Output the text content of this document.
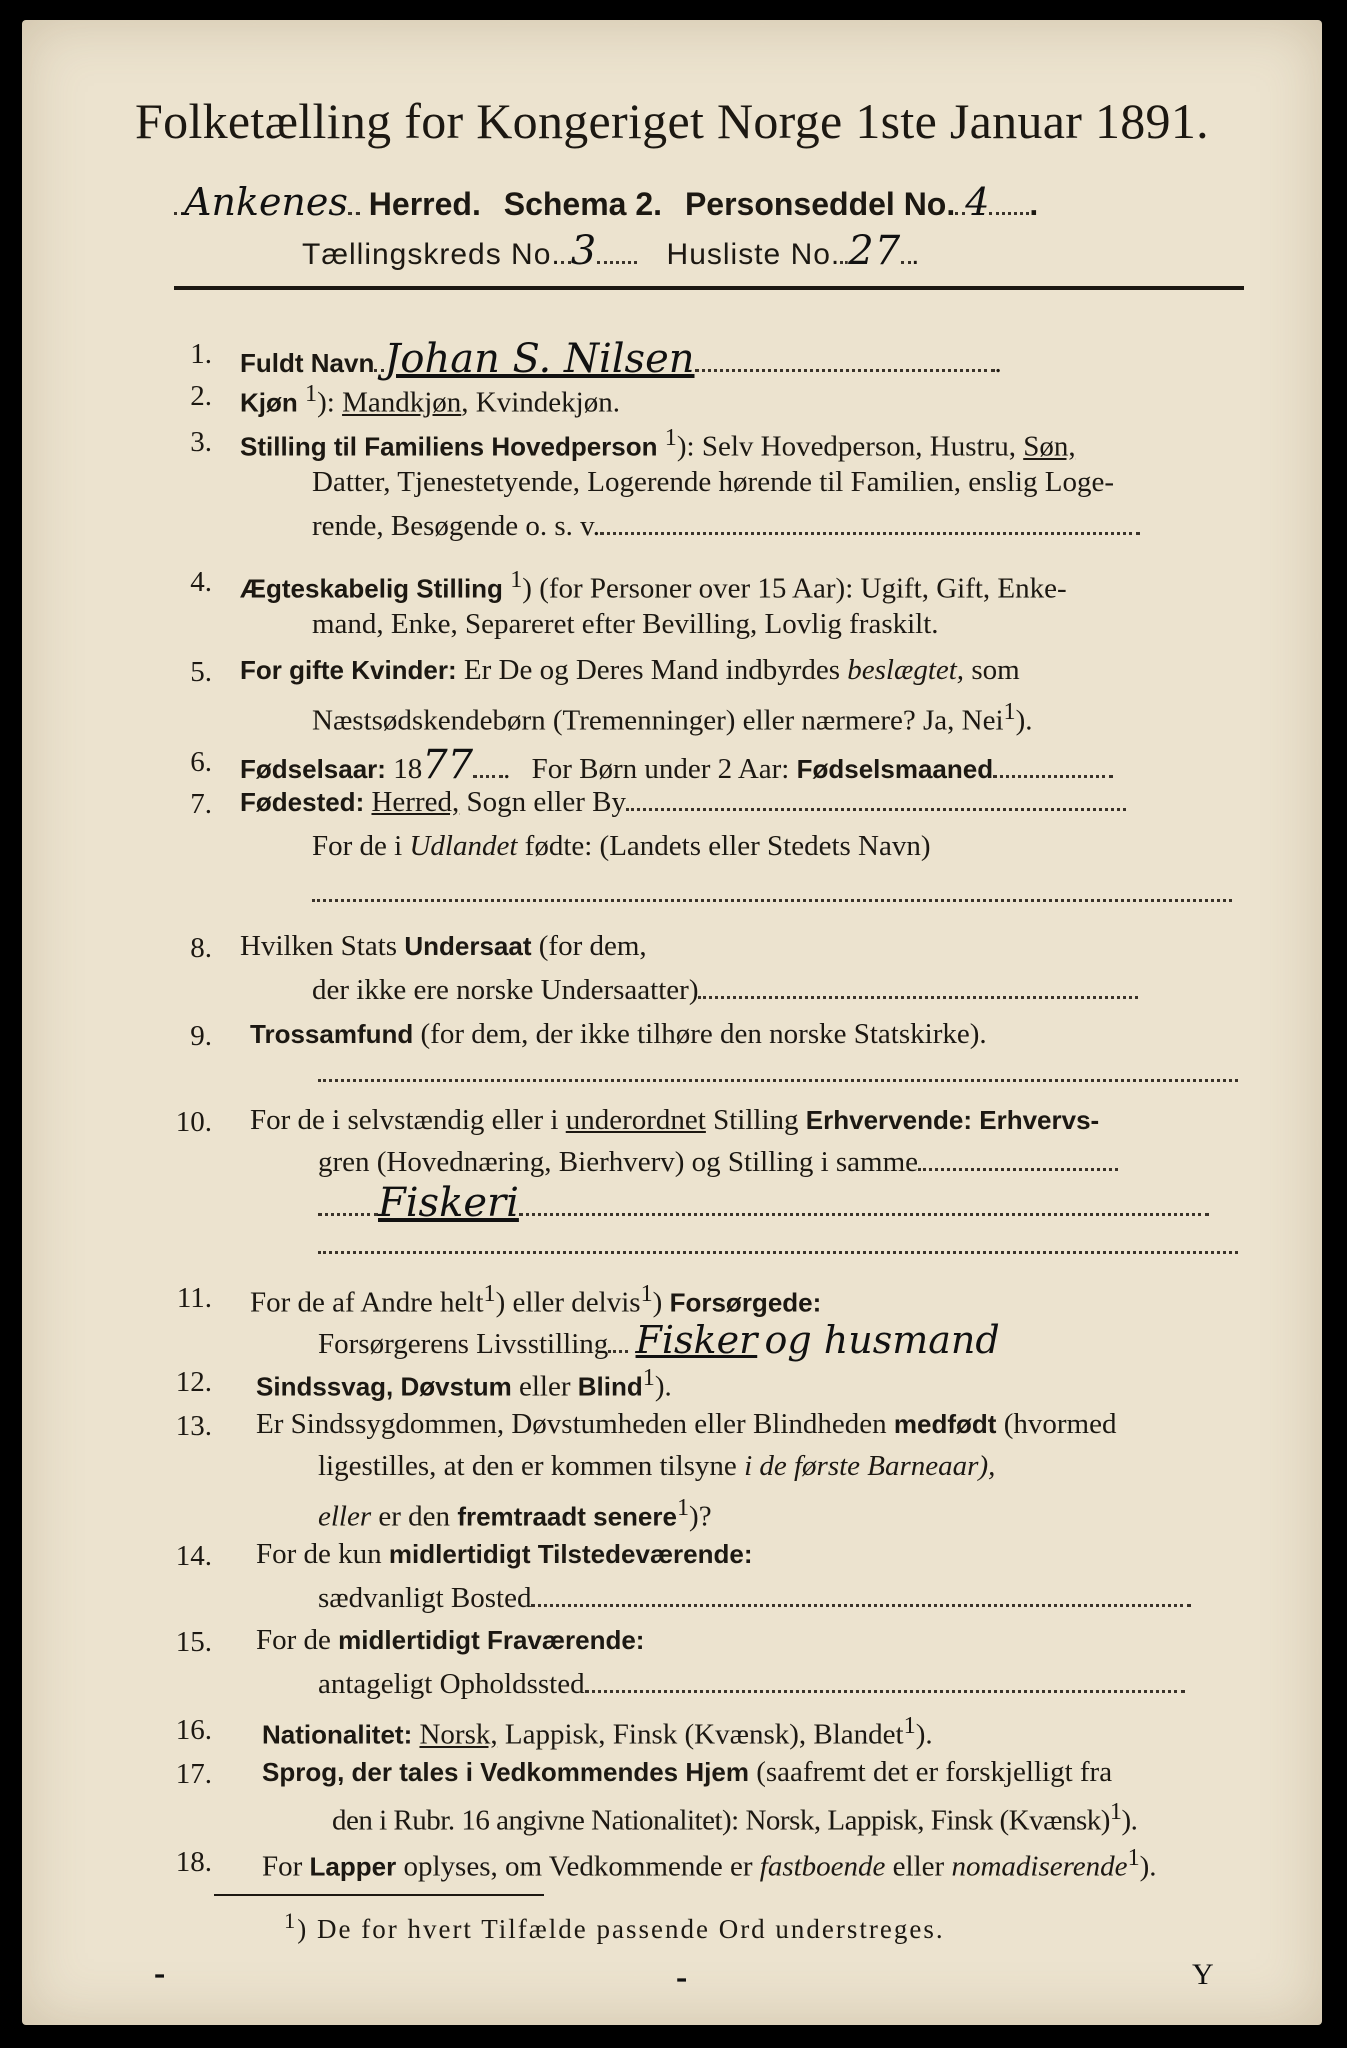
Folketælling for Kongeriget Norge 1ste Januar 1891.
Ankenes Herred. Schema 2. Personseddel No. 4 .
Tællingskreds No. 3 Husliste No. 27 .
1. Fuldt Navn Johan S. Nilsen	.
2. Kjøn $^1$): Mandkjøn, Kvindekjøn.
3. Stilling til Familiens Hovedperson $^1$): Selv Hovedperson, Hustru, Søn,
Datter, Tjenestetyende, Logerende hørende til Familien, enslig Loge-
rende, Besøgende o. s. v.
4. Ægteskabelig Stilling $^1$) (for Personer over 15 Aar): Ugift, Gift, Enke-
mand, Enke, Separeret efter Bevilling, Lovlig fraskilt.
5. For gifte Kvinder: Er De og Deres Mand indbyrdes beslægtet, som
Næstsødskendebørn (Tremenninger) eller nærmere? Ja, Nei$^1$).
6. Fødselsaar: 1877 . For Børn under 2 Aar: Fødselsmaaned
7. Fødested: Herred, Sogn eller By
For de i Udlandet fødte: (Landets eller Stedets Navn)
8. Hvilken Stats Undersaat (for dem,
der ikke ere norske Undersaatter)
9. Trossamfund (for dem, der ikke tilhøre den norske Statskirke).
10. For de i selvstændig eller i underordnet Stilling Erhvervende: Erhvervs-
gren (Hovednæring, Bierhverv) og Stilling i samme
Fiskeri
11. For de af Andre helt$^1$) eller delvis$^1$) Forsørgede:
Forsørgerens Livsstilling Fisker og husmand
12. Sindssvag, Døvstum eller Blind$^1$).
13. Er Sindssygdommen, Døvstumheden eller Blindheden medfødt (hvormed
ligestilles, at den er kommen tilsyne i de første Barneaar),
eller er den fremtraadt senere$^1$)?
14. For de kun midlertidigt Tilstedeværende:
sædvanligt Bosted
15. For de midlertidigt Fraværende:
antageligt Opholdssted
16. Nationalitet: Norsk, Lappisk, Finsk (Kvænsk), Blandet$^1$).
17. Sprog, der tales i Vedkommendes Hjem (saafremt det er forskjelligt fra
den i Rubr. 16 angivne Nationalitet): Norsk, Lappisk, Finsk (Kvænsk)$^1$).
18. For Lapper oplyses, om Vedkommende er fastboende eller nomadiserende$^1$).
$^1$) De for hvert Tilfælde passende Ord understreges.
⁃	⁃	Y
